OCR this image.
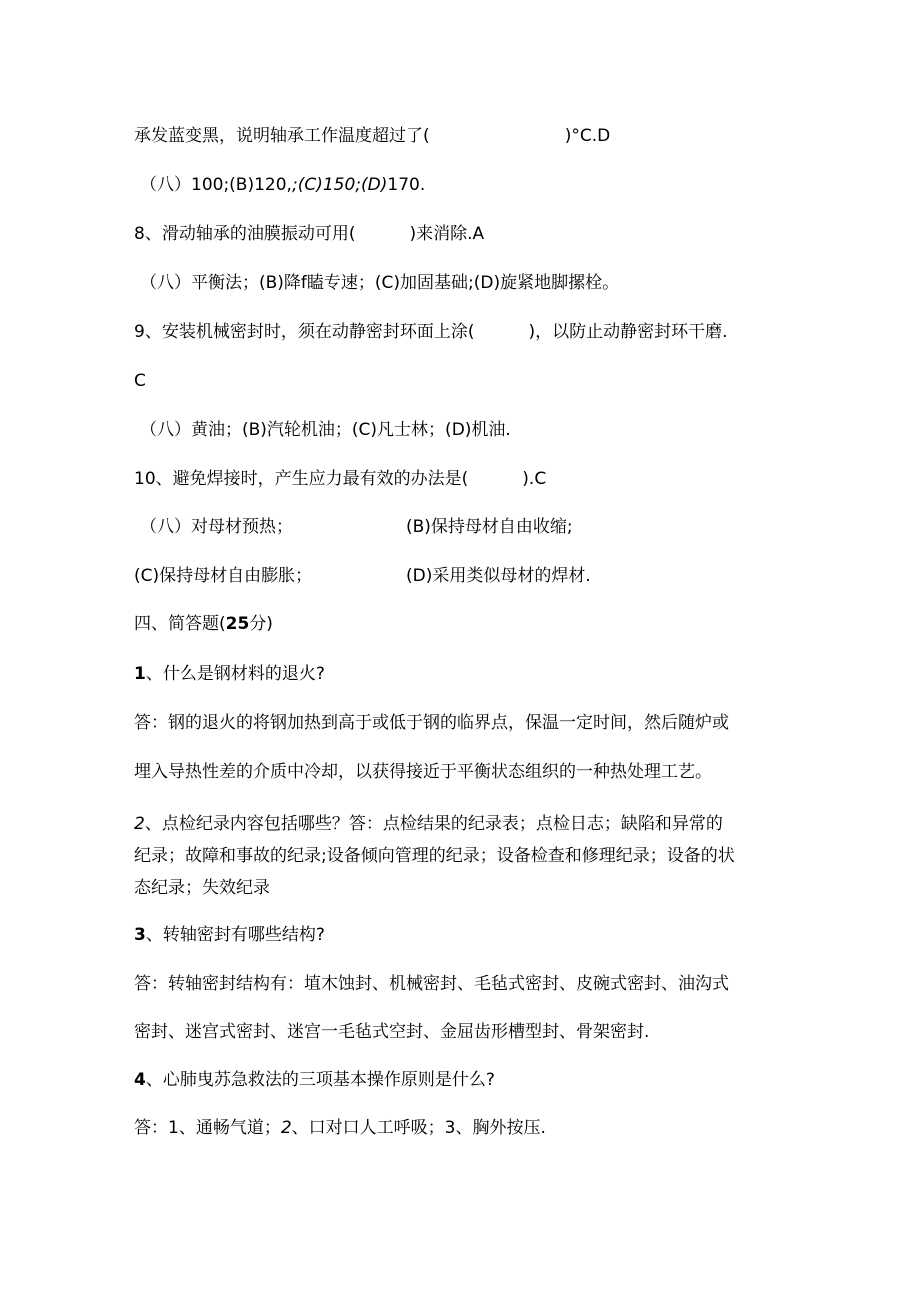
承发蓝变黑，说明轴承工作温度超过了(                         )°C.D

（八）100;(B)120,;(C)150;(D)170.

8、滑动轴承的油膜振动可用(          )来消除.A

（八）平衡法；(B)降f瞌专速；(C)加固基础;(D)旋紧地脚摞栓。

9、安装机械密封时，须在动静密封环面上涂(          )，以防止动静密封环干磨.

C

（八）黄油；(B)汽轮机油；(C)凡士林；(D)机油.

10、避免焊接时，产生应力最有效的办法是(          ).C

（八）对母材预热；	(B)保持母材自由收缩;

(C)保持母材自由膨胀；	(D)采用类似母材的焊材.

四、简答题(25分)

1、什么是钢材料的退火?

答：钢的退火的将钢加热到高于或低于钢的临界点，保温一定时间，然后随炉或

埋入导热性差的介质中冷却，以获得接近于平衡状态组织的一种热处理工艺。

2、点检纪录内容包括哪些？答：点检结果的纪录表；点检日志；缺陷和异常的

纪录；故障和事故的纪录;设备倾向管理的纪录；设备检查和修理纪录；设备的状

态纪录；失效纪录

3、转轴密封有哪些结构?

答：转轴密封结构有：埴木蚀封、机械密封、毛毡式密封、皮碗式密封、油沟式

密封、迷宫式密封、迷宫一毛毡式空封、金屈齿形槽型封、骨架密封.

4、心肺曳苏急救法的三项基本操作原则是什么?

答：1、通畅气道；2、口对口人工呼吸；3、胸外按压.
